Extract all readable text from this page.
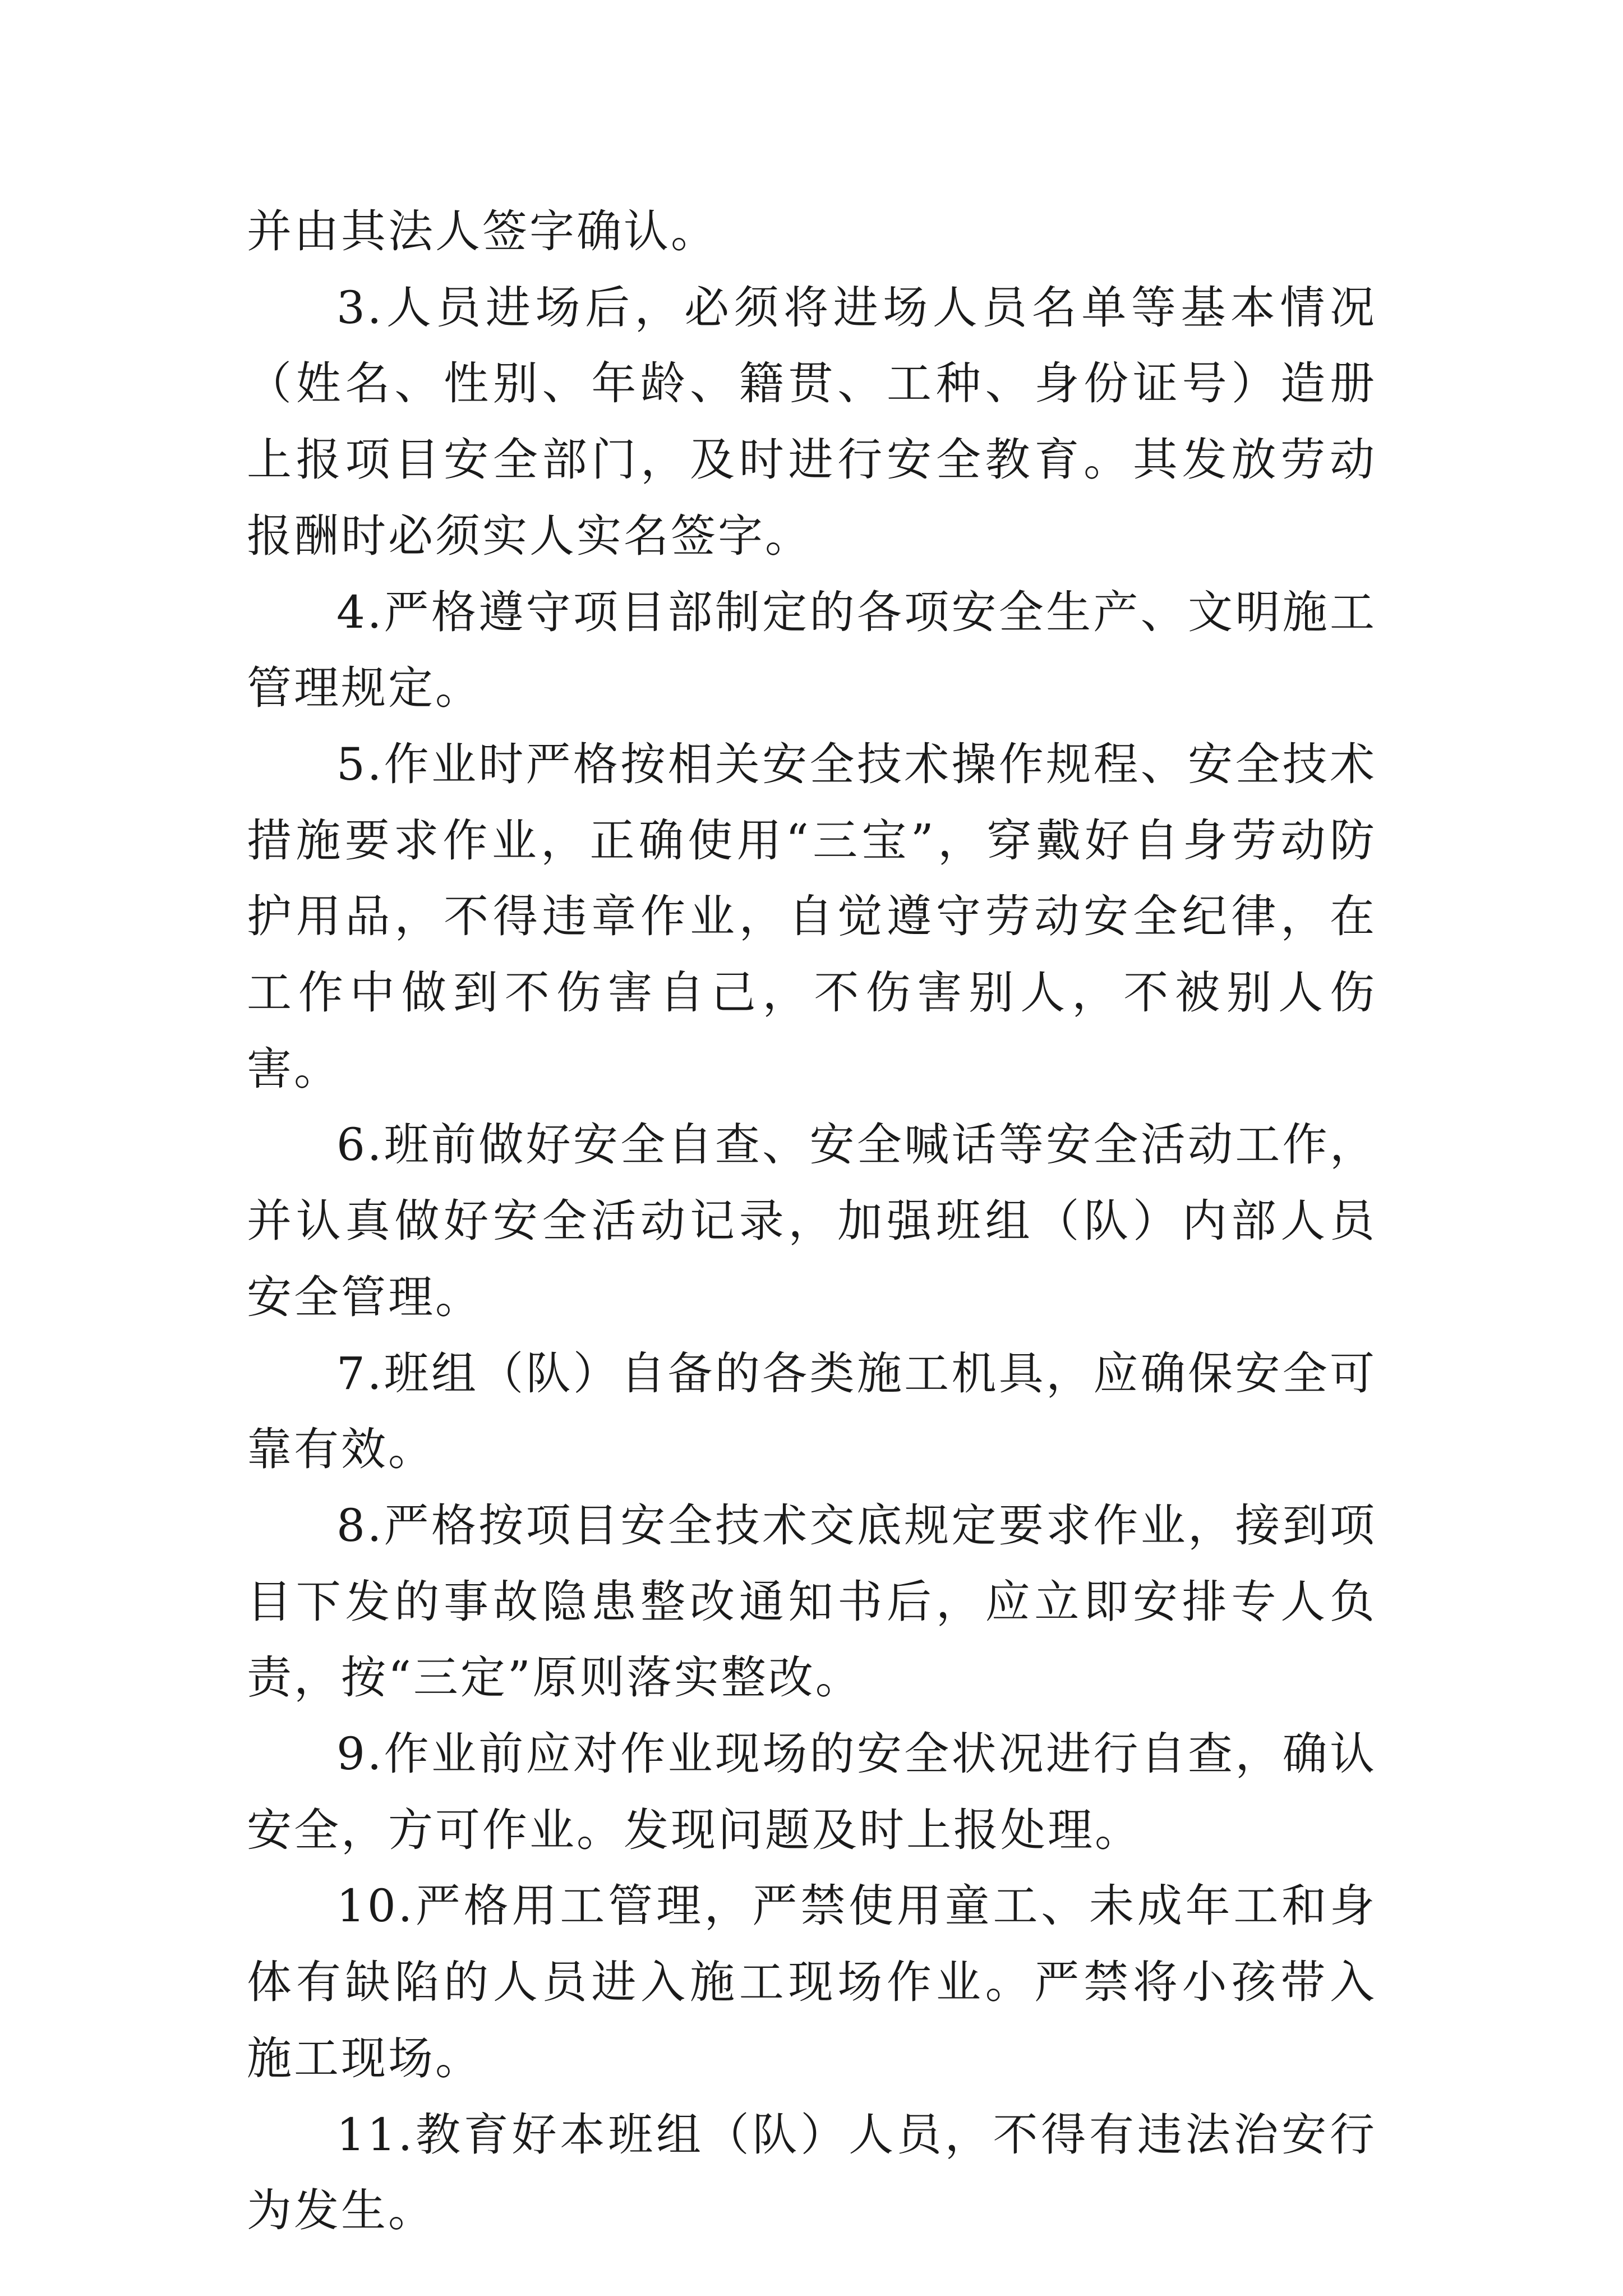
并由其法人签字确认。

3.人员进场后，必须将进场人员名单等基本情况（姓名、性别、年龄、籍贯、工种、身份证号）造册上报项目安全部门，及时进行安全教育。其发放劳动报酬时必须实人实名签字。

4.严格遵守项目部制定的各项安全生产、文明施工管理规定。

5.作业时严格按相关安全技术操作规程、安全技术措施要求作业，正确使用“三宝”，穿戴好自身劳动防护用品，不得违章作业，自觉遵守劳动安全纪律，在工作中做到不伤害自己，不伤害别人，不被别人伤害。

6.班前做好安全自查、安全喊话等安全活动工作，并认真做好安全活动记录，加强班组（队）内部人员安全管理。

7.班组（队）自备的各类施工机具，应确保安全可靠有效。

8.严格按项目安全技术交底规定要求作业，接到项目下发的事故隐患整改通知书后，应立即安排专人负责，按“三定”原则落实整改。

9.作业前应对作业现场的安全状况进行自查，确认安全，方可作业。发现问题及时上报处理。

10.严格用工管理，严禁使用童工、未成年工和身体有缺陷的人员进入施工现场作业。严禁将小孩带入施工现场。

11.教育好本班组（队）人员，不得有违法治安行为发生。
